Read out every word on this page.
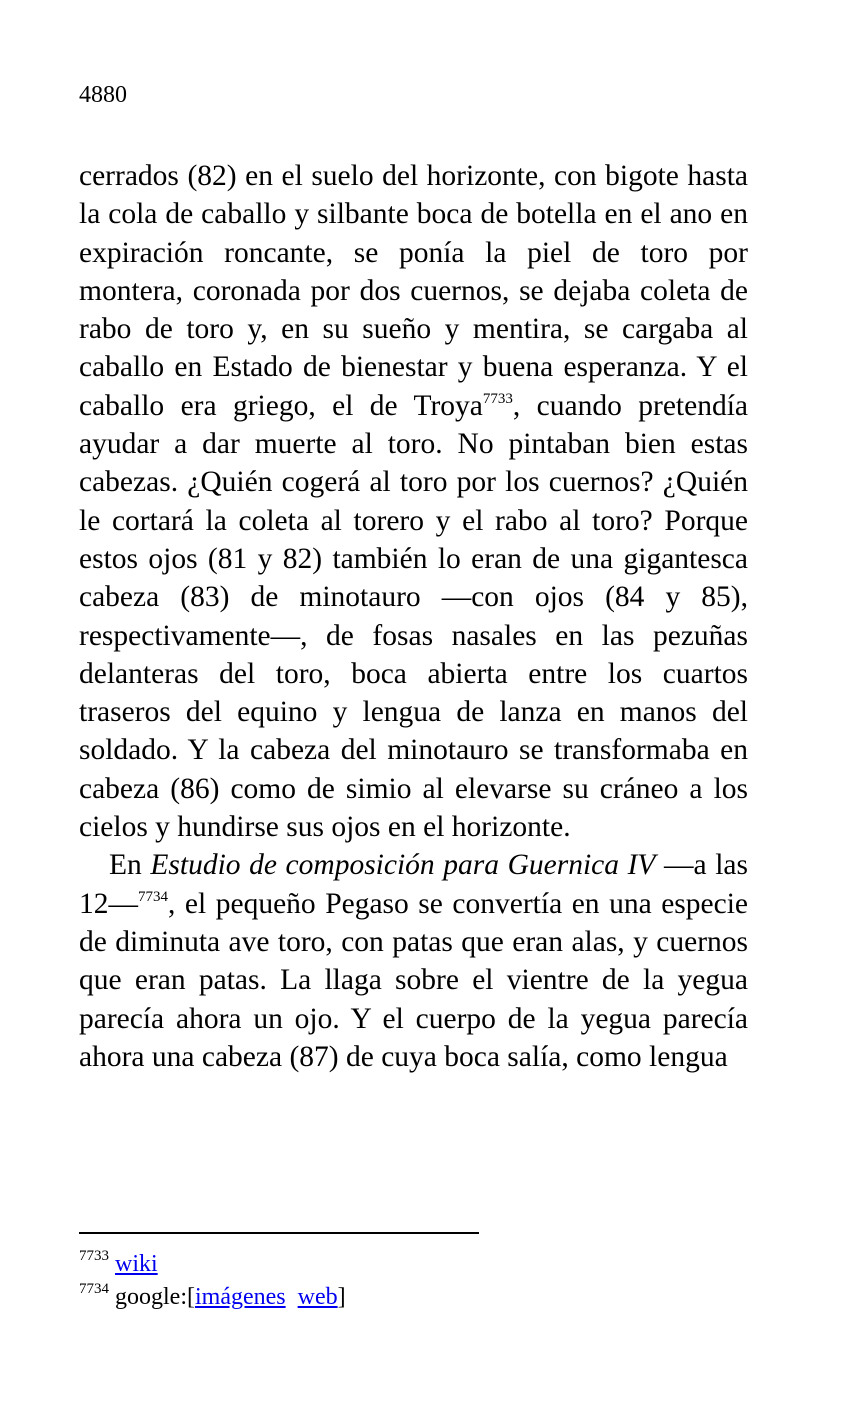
4880

cerrados (82) en el suelo del horizonte, con bigote hasta la cola de caballo y silbante boca de botella en el ano en expiración roncante, se ponía la piel de toro por montera, coronada por dos cuernos, se dejaba coleta de rabo de toro y, en su sueño y mentira, se cargaba al caballo en Estado de bienestar y buena esperanza. Y el caballo era griego, el de Troya$^{7733}$, cuando pretendía ayudar a dar muerte al toro. No pintaban bien estas cabezas. ¿Quién cogerá al toro por los cuernos? ¿Quién le cortará la coleta al torero y el rabo al toro? Porque estos ojos (81 y 82) también lo eran de una gigantesca cabeza (83) de minotauro —con ojos (84 y 85), respectivamente—, de fosas nasales en las pezuñas delanteras del toro, boca abierta entre los cuartos traseros del equino y lengua de lanza en manos del soldado. Y la cabeza del minotauro se transformaba en cabeza (86) como de simio al elevarse su cráneo a los cielos y hundirse sus ojos en el horizonte.

En Estudio de composición para Guernica IV —a las 12—$^{7734}$, el pequeño Pegaso se convertía en una especie de diminuta ave toro, con patas que eran alas, y cuernos que eran patas. La llaga sobre el vientre de la yegua parecía ahora un ojo. Y el cuerpo de la yegua parecía ahora una cabeza (87) de cuya boca salía, como lengua

$^{7733}$ wiki
$^{7734}$ google:[imágenes web]
